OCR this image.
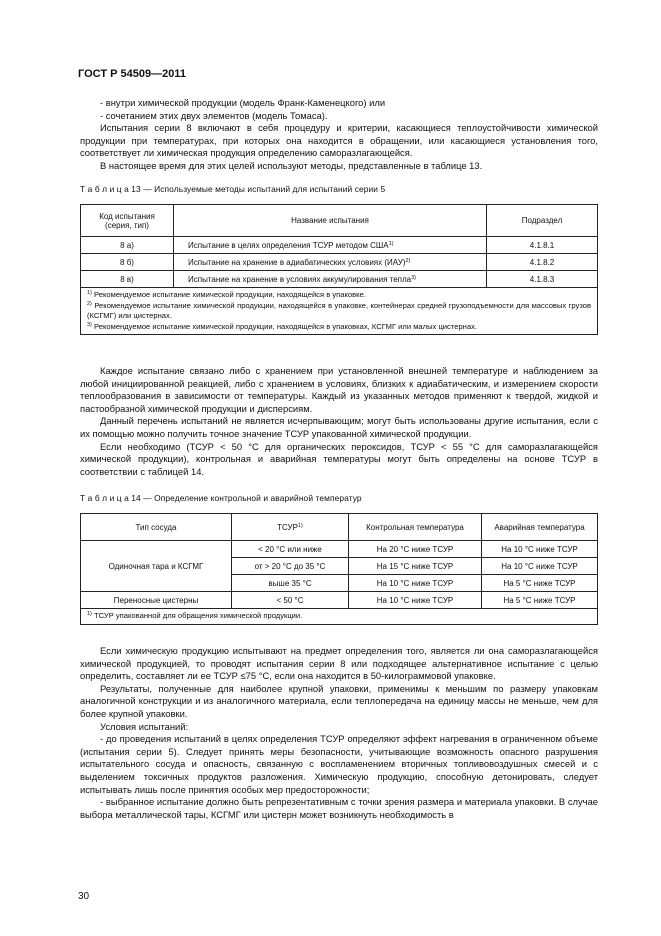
ГОСТ Р 54509—2011

- внутри химической продукции (модель Франк-Каменецкого) или

- сочетанием этих двух элементов (модель Томаса).

Испытания серии 8 включают в себя процедуру и критерии, касающиеся теплоустойчивости химической продукции при температурах, при которых она находится в обращении, или касающиеся установления того, соответствует ли химическая продукция определению саморазлагающейся.

В настоящее время для этих целей используют методы, представленные в таблице 13.

Т а б л и ц а 13 — Используемые методы испытаний для испытаний серии 5
Код испытания (серия, тип)	Название испытания	Подраздел
8 а)	Испытание в целях определения ТСУР методом США$^{1)}$	4.1.8.1
8 б)	Испытание на хранение в адиабатических условиях (ИАУ)$^{2)}$	4.1.8.2
8 в)	Испытание на хранение в условиях аккумулирования тепла$^{3)}$	4.1.8.3

$^{1)}$ Рекомендуемое испытание химической продукции, находящейся в упаковке.
$^{2)}$ Рекомендуемое испытание химической продукции, находящейся в упаковке, контейнерах средней грузоподъемности для массовых грузов (КСГМГ) или цистернах.
$^{3)}$ Рекомендуемое испытание химической продукции, находящейся в упаковках, КСГМГ или малых цистернах.		

Каждое испытание связано либо с хранением при установленной внешней температуре и наблюдением за любой инициированной реакцией, либо с хранением в условиях, близких к адиабатическим, и измерением скорости теплообразования в зависимости от температуры. Каждый из указанных методов применяют к твердой, жидкой и пастообразной химической продукции и дисперсиям.

Данный перечень испытаний не является исчерпывающим; могут быть использованы другие испытания, если с их помощью можно получить точное значение ТСУР упакованной химической продукции.

Если необходимо (ТСУР < 50 °С для органических пероксидов, ТСУР < 55 °С для саморазлагающейся химической продукции), контрольная и аварийная температуры могут быть определены на основе ТСУР в соответствии с таблицей 14.

Т а б л и ц а 14 — Определение контрольной и аварийной температур
Тип сосуда	ТСУР$^{1)}$	Контрольная температура	Аварийная температура
Одиночная тара и КСГМГ	< 20 °С или ниже	На 20 °С ниже ТСУР	На 10 °С ниже ТСУР
	от > 20 °С до 35 °С	На 15 °С ниже ТСУР	На 10 °С ниже ТСУР
	выше 35 °С	На 10 °С ниже ТСУР	На 5 °С ниже ТСУР
Переносные цистерны	< 50 °С	На 10 °С ниже ТСУР	На 5 °С ниже ТСУР
$^{1)}$ ТСУР упакованной для обращения химической продукции.			

Если химическую продукцию испытывают на предмет определения того, является ли она саморазлагающейся химической продукцией, то проводят испытания серии 8 или подходящее альтернативное испытание с целью определить, составляет ли ее ТСУР ≤75 °С, если она находится в 50-килограммовой упаковке.

Результаты, полученные для наиболее крупной упаковки, применимы к меньшим по размеру упаковкам аналогичной конструкции и из аналогичного материала, если теплопередача на единицу массы не меньше, чем для более крупной упаковки.

Условия испытаний:

- до проведения испытаний в целях определения ТСУР определяют эффект нагревания в ограниченном объеме (испытания серии 5). Следует принять меры безопасности, учитывающие возможность опасного разрушения испытательного сосуда и опасность, связанную с воспламенением вторичных топливовоздушных смесей и с выделением токсичных продуктов разложения. Химическую продукцию, способную детонировать, следует испытывать лишь после принятия особых мер предосторожности;

- выбранное испытание должно быть репрезентативным с точки зрения размера и материала упаковки. В случае выбора металлической тары, КСГМГ или цистерн может возникнуть необходимость в

30
